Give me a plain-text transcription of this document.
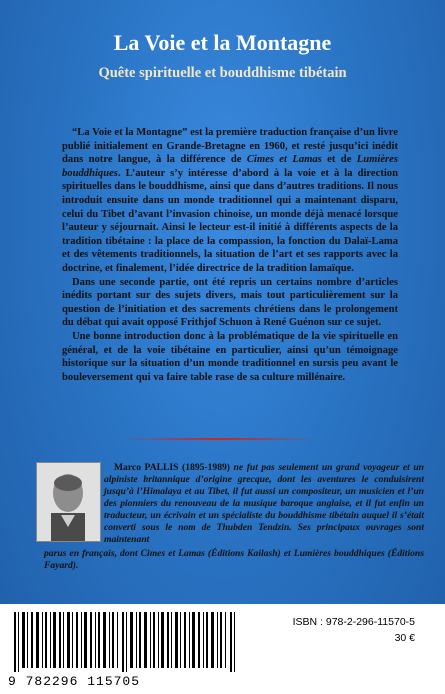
La Voie et la Montagne
Quête spirituelle et bouddhisme tibétain

“La Voie et la Montagne” est la première traduction française d’un livre publié initialement en Grande-Bretagne en 1960, et resté jusqu’ici inédit dans notre langue, à la différence de Cimes et Lamas et de Lumières bouddhiques. L’auteur s’y intéresse d’abord à la voie et à la direction spirituelles dans le bouddhisme, ainsi que dans d’autres traditions. Il nous introduit ensuite dans un monde traditionnel qui a maintenant disparu, celui du Tibet d’avant l’invasion chinoise, un monde déjà menacé lorsque l’auteur y séjournait. Ainsi le lecteur est-il initié à différents aspects de la tradition tibétaine : la place de la compassion, la fonction du Dalaï-Lama et des vêtements traditionnels, la situation de l’art et ses rapports avec la doctrine, et finalement, l’idée directrice de la tradition lamaïque.

Dans une seconde partie, ont été repris un certains nombre d’articles inédits portant sur des sujets divers, mais tout particulièrement sur la question de l’initiation et des sacrements chrétiens dans le prolongement du débat qui avait opposé Frithjof Schuon à René Guénon sur ce sujet.

Une bonne introduction donc à la problématique de la vie spirituelle en général, et de la voie tibétaine en particulier, ainsi qu’un témoignage historique sur la situation d’un monde traditionnel en sursis peu avant le bouleversement qui va faire table rase de sa culture millénaire.

Marco PALLIS (1895-1989) ne fut pas seulement un grand voyageur et un alpiniste britannique d’origine grecque, dont les aventures le conduisirent jusqu’à l’Himalaya et au Tibet, il fut aussi un compositeur, un musicien et l’un des pionniers du renouveau de la musique baroque anglaise, et il fut enfin un traducteur, un écrivain et un spécialiste du bouddhisme tibétain auquel il s’était converti sous le nom de Thubden Tendzin. Ses principaux ouvrages sont maintenant

parus en français, dont Cimes et Lamas (Éditions Kailash) et Lumières bouddhiques (Éditions Fayard).

9 782296 115705
ISBN : 978-2-296-11570-5
30 €
